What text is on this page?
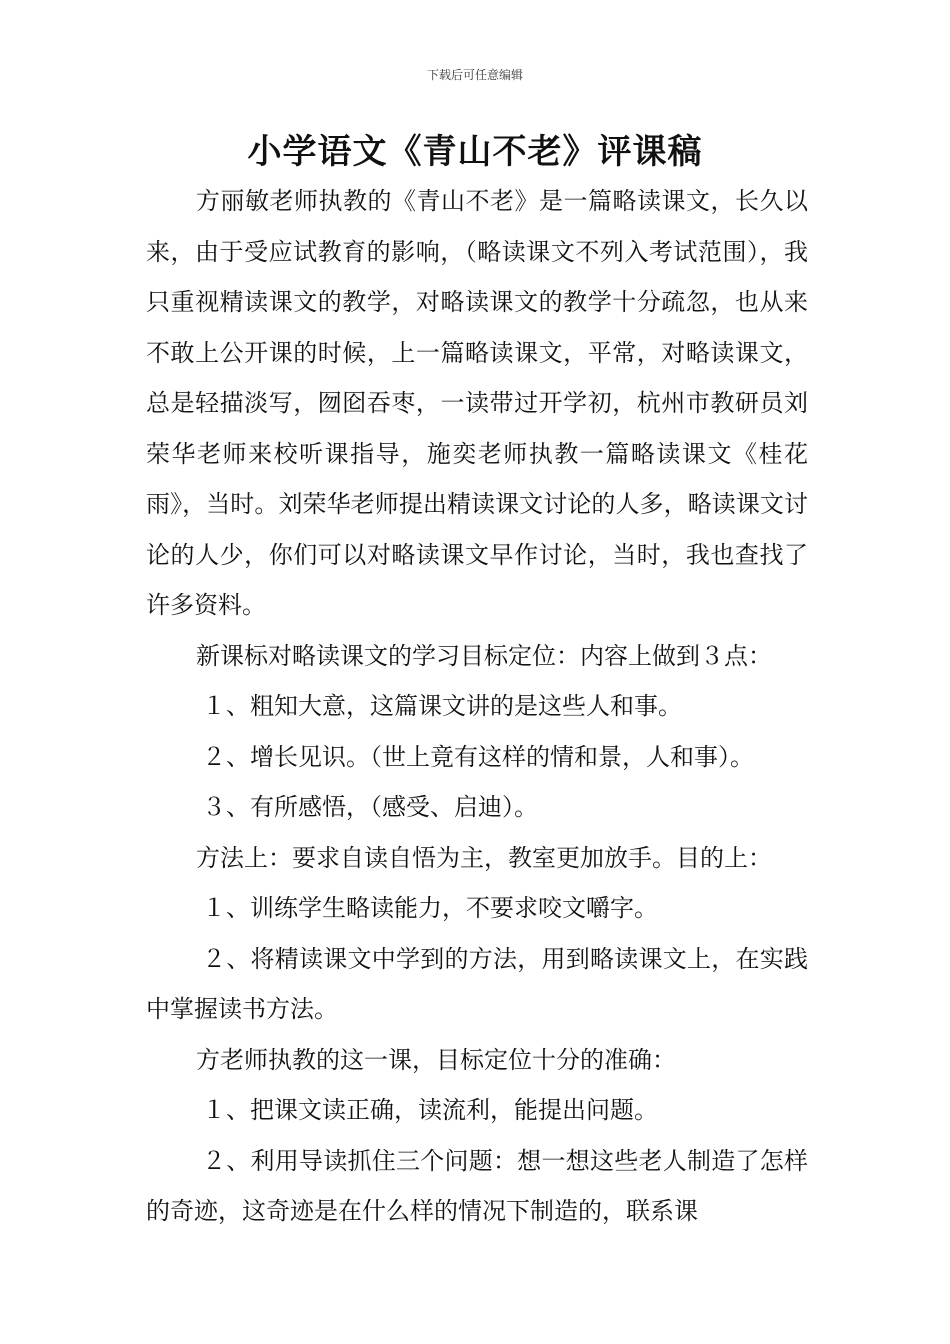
下载后可任意编辑
小学语文《青山不老》评课稿

方丽敏老师执教的《青山不老》是一篇略读课文，长久以来，由于受应试教育的影响，（略读课文不列入考试范围），我只重视精读课文的教学，对略读课文的教学十分疏忽，也从来不敢上公开课的时候，上一篇略读课文，平常，对略读课文，总是轻描淡写，囫囵吞枣，一读带过开学初，杭州市教研员刘荣华老师来校听课指导，施奕老师执教一篇略读课文《桂花雨》，当时。刘荣华老师提出精读课文讨论的人多，略读课文讨论的人少，你们可以对略读课文早作讨论，当时，我也查找了许多资料。

新课标对略读课文的学习目标定位：内容上做到３点：

１、粗知大意，这篇课文讲的是这些人和事。

２、增长见识。（世上竟有这样的情和景，人和事）。

３、有所感悟，（感受、启迪）。

方法上：要求自读自悟为主，教室更加放手。目的上：

１、训练学生略读能力，不要求咬文嚼字。

２、将精读课文中学到的方法，用到略读课文上，在实践中掌握读书方法。

方老师执教的这一课，目标定位十分的准确：

１、把课文读正确，读流利，能提出问题。

２、利用导读抓住三个问题：想一想这些老人制造了怎样的奇迹，这奇迹是在什么样的情况下制造的，联系课
